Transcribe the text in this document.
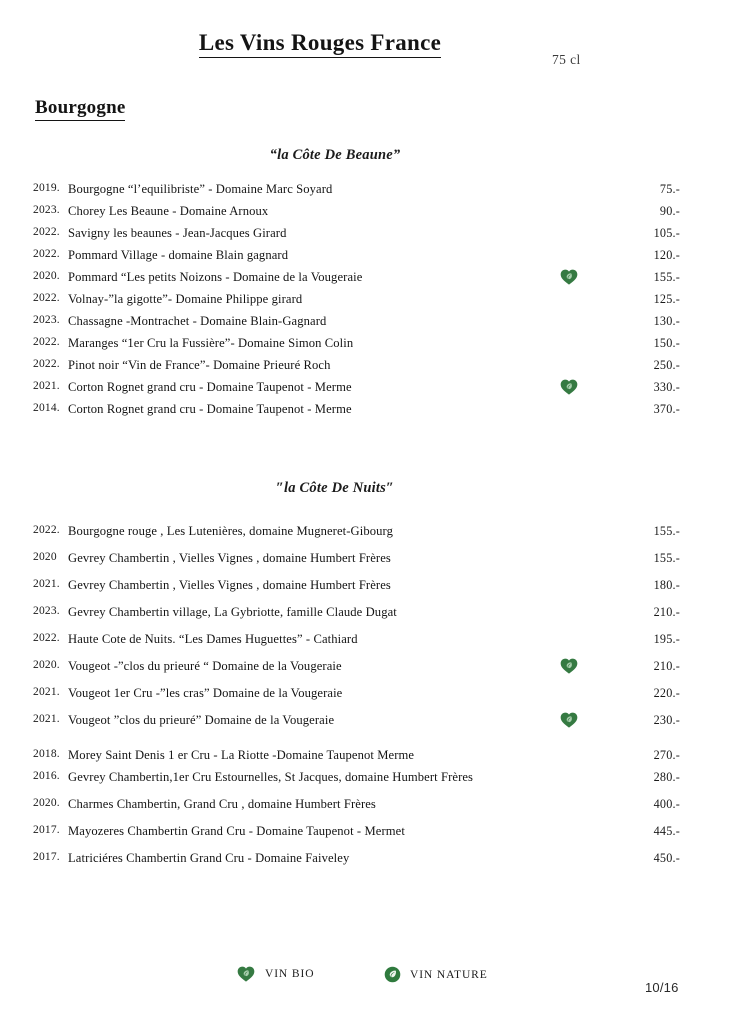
Les Vins Rouges France
75 cl
Bourgogne
“la Côte De Beaune”
2019. Bourgogne “l’equilibriste” - Domaine Marc Soyard	75.-
2023. Chorey Les Beaune - Domaine Arnoux	90.-
2022. Savigny les beaunes - Jean-Jacques Girard	105.-
2022. Pommard Village - domaine Blain gagnard	120.-
2020. Pommard “Les petits Noizons - Domaine de la Vougeraie	155.-
2022. Volnay-”la gigotte”- Domaine Philippe girard	125.-
2023. Chassagne -Montrachet - Domaine Blain-Gagnard	130.-
2022. Maranges “1er Cru la Fussière”- Domaine Simon Colin	150.-
2022. Pinot noir “Vin de France”- Domaine Prieuré Roch	250.-
2021. Corton Rognet grand cru - Domaine Taupenot - Merme	330.-
2014. Corton Rognet grand cru - Domaine Taupenot - Merme	370.-
″la Côte De Nuits″
2022. Bourgogne rouge , Les Lutenières, domaine Mugneret-Gibourg	155.-
2020 Gevrey Chambertin , Vielles Vignes , domaine Humbert Frères	155.-
2021. Gevrey Chambertin , Vielles Vignes , domaine Humbert Frères	180.-
2023. Gevrey Chambertin village, La Gybriotte, famille Claude Dugat	210.-
2022. Haute Cote de Nuits. “Les Dames Huguettes” - Cathiard	195.-
2020. Vougeot -”clos du prieuré “ Domaine de la Vougeraie	210.-
2021. Vougeot 1er Cru -”les cras” Domaine de la Vougeraie	220.-
2021. Vougeot ”clos du prieuré” Domaine de la Vougeraie	230.-
2018. Morey Saint Denis 1 er Cru - La Riotte -Domaine Taupenot Merme	270.-
2016. Gevrey Chambertin,1er Cru Estournelles, St Jacques, domaine Humbert Frères	280.-
2020. Charmes Chambertin, Grand Cru , domaine Humbert Frères	400.-
2017. Mayozeres Chambertin Grand Cru - Domaine Taupenot - Mermet	445.-
2017. Latriciéres Chambertin Grand Cru - Domaine Faiveley	450.-
VIN BIO	VIN NATURE
10/16
